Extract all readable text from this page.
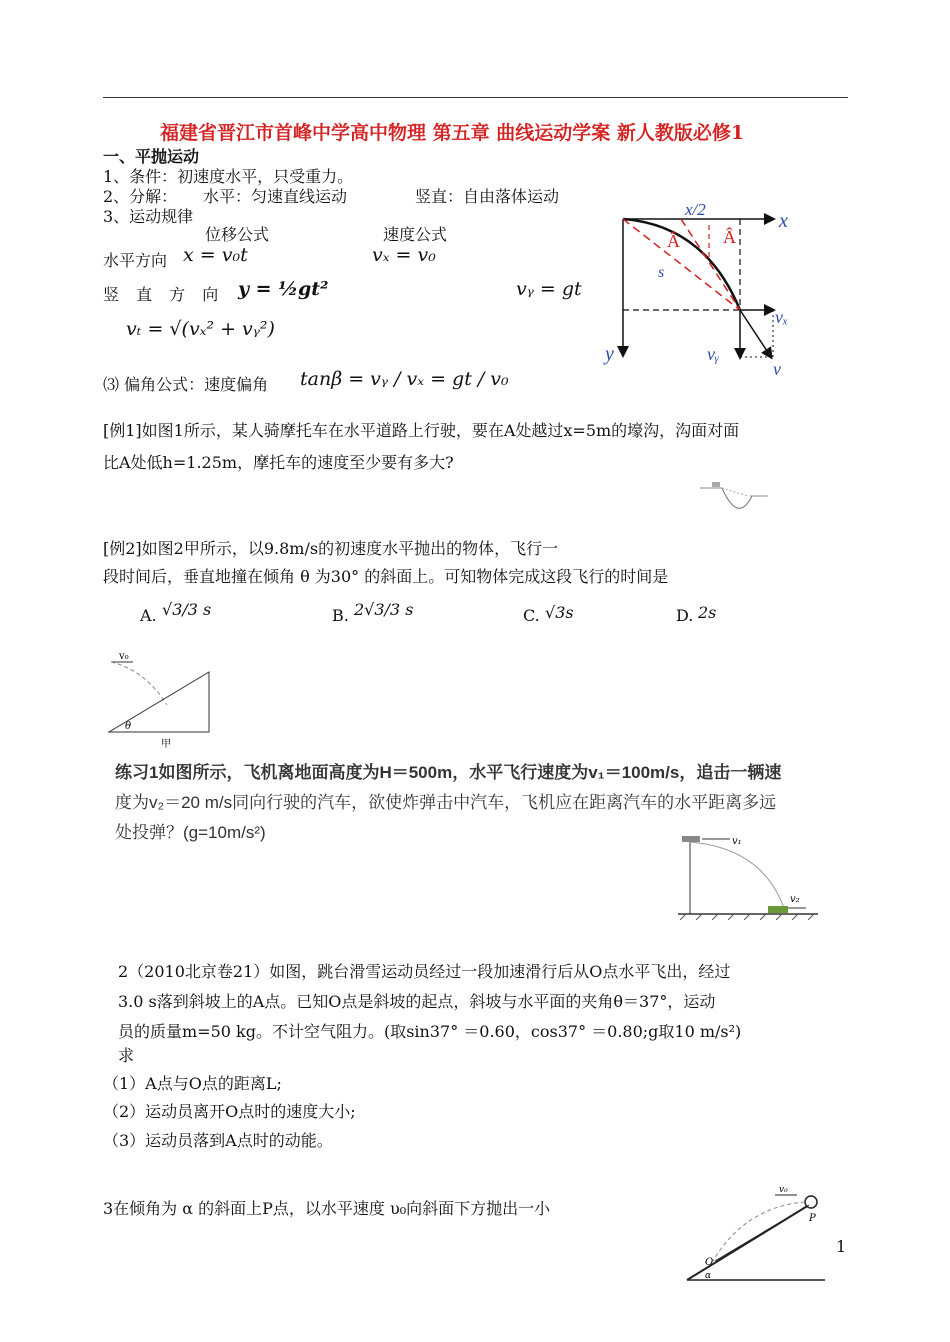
福建省晋江市首峰中学高中物理 第五章 曲线运动学案 新人教版必修1
一、平抛运动
1、条件：初速度水平，只受重力。
2、分解： 水平：匀速直线运动	竖直：自由落体运动
3、运动规律
位移公式	速度公式
水平方向 x = v₀t	vₓ = v₀
竖 直 方 向 y = ½gt²	vᵧ = gt
vₜ = √(vₓ² + vᵧ²)
⑶ 偏角公式：速度偏角 tanβ = vᵧ / vₓ = gt / v₀
x
x/2
y
vₓ
vᵧ
v
s
Â Â
[例1]如图1所示，某人骑摩托车在水平道路上行驶，要在A处越过x=5m的壕沟，沟面对面
比A处低h=1.25m，摩托车的速度至少要有多大?
[例2]如图2甲所示，以9.8m/s的初速度水平抛出的物体，飞行一
段时间后，垂直地撞在倾角 θ 为30° 的斜面上。可知物体完成这段飞行的时间是
A. √3/3 s	B. 2√3/3 s	C. √3s	D. 2s
v₀
θ
甲
练习1如图所示，飞机离地面高度为H＝500m，水平飞行速度为v₁＝100m/s，追击一辆速
度为v₂＝20 m/s同向行驶的汽车，欲使炸弹击中汽车，飞机应在距离汽车的水平距离多远
处投弹？(g=10m/s²)	v₁
v₂
2（2010北京卷21）如图，跳台滑雪运动员经过一段加速滑行后从O点水平飞出，经过
3.0 s落到斜坡上的A点。已知O点是斜坡的起点，斜坡与水平面的夹角θ＝37°，运动
员的质量m=50 kg。不计空气阻力。(取sin37° ＝0.60，cos37° ＝0.80;g取10 m/s²)
求
（1）A点与O点的距离L;
（2）运动员离开O点时的速度大小;
（3）运动员落到A点时的动能。
3在倾角为 α 的斜面上P点，以水平速度 υ₀向斜面下方抛出一小
v₀
P
O
α
1
